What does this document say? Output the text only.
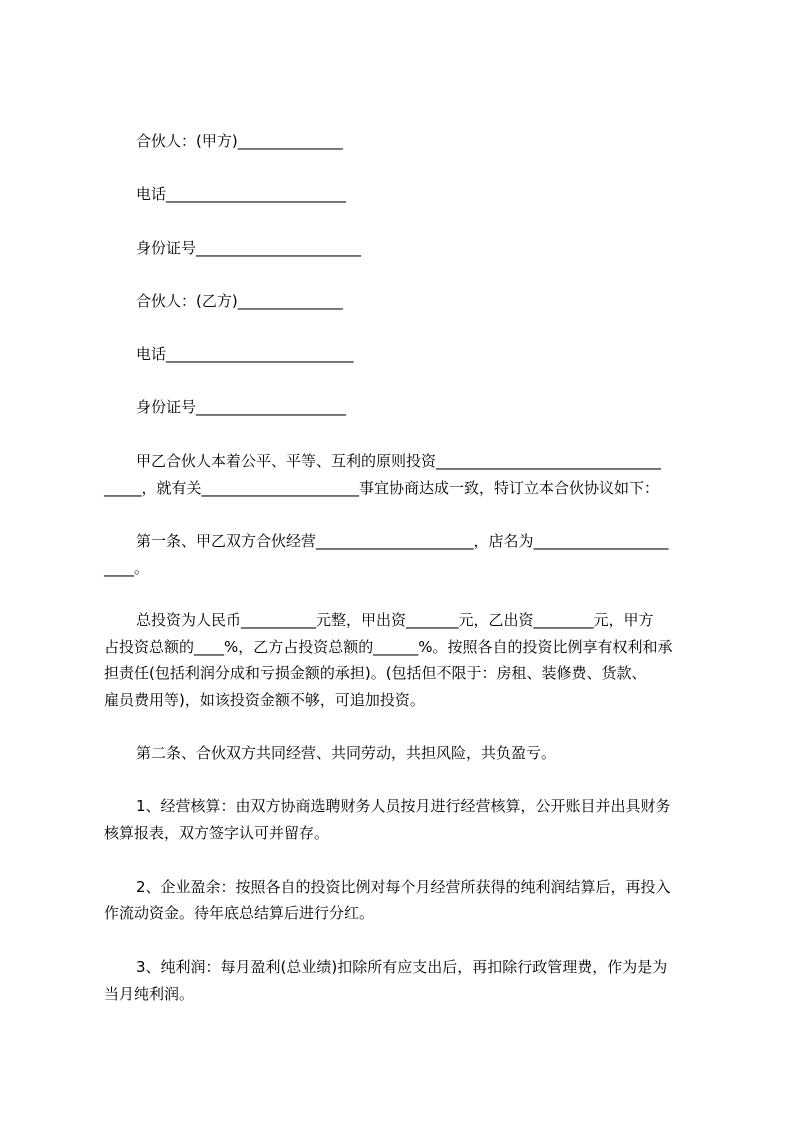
合伙人：(甲方)______________
电话________________________
身份证号______________________
合伙人：(乙方)______________
电话_________________________
身份证号____________________
甲乙合伙人本着公平、平等、互利的原则投资______________________________
_____，就有关_____________________事宜协商达成一致，特订立本合伙协议如下：
第一条、甲乙双方合伙经营_____________________，店名为__________________
____。
总投资为人民币__________元整，甲出资_______元，乙出资________元，甲方
占投资总额的____%，乙方占投资总额的______%。按照各自的投资比例享有权利和承
担责任(包括利润分成和亏损金额的承担)。(包括但不限于：房租、装修费、货款、
雇员费用等)，如该投资金额不够，可追加投资。
第二条、合伙双方共同经营、共同劳动，共担风险，共负盈亏。
1、经营核算：由双方协商选聘财务人员按月进行经营核算，公开账目并出具财务
核算报表，双方签字认可并留存。
2、企业盈余：按照各自的投资比例对每个月经营所获得的纯利润结算后，再投入
作流动资金。待年底总结算后进行分红。
3、纯利润：每月盈利(总业绩)扣除所有应支出后，再扣除行政管理费，作为是为
当月纯利润。
